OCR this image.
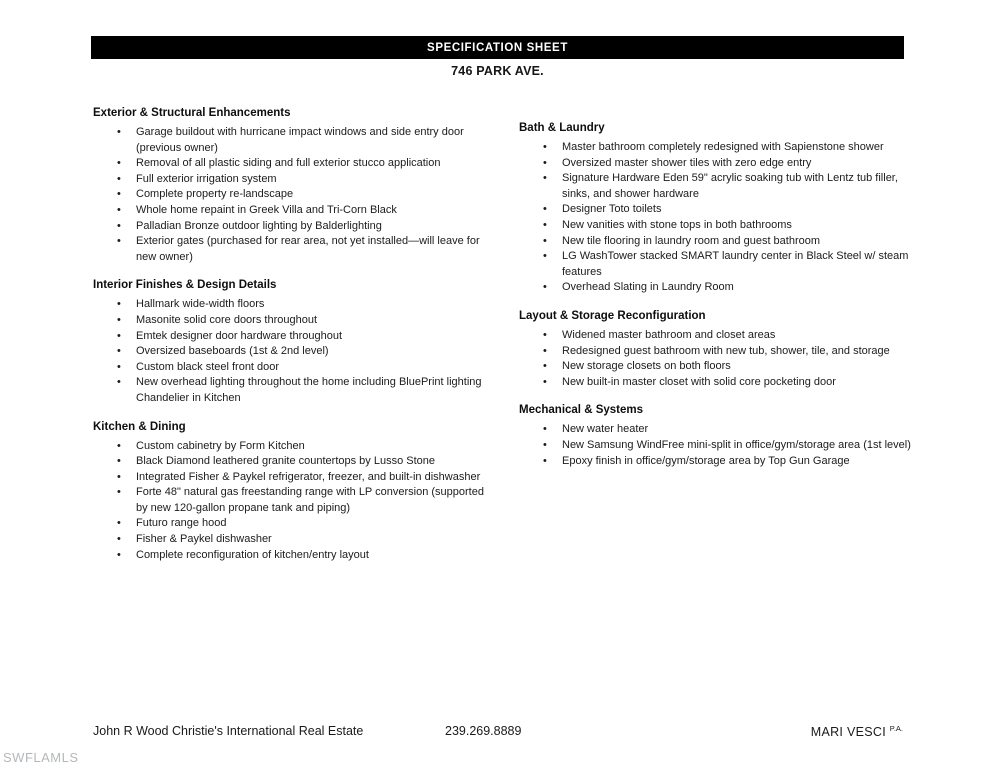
SPECIFICATION SHEET
746 PARK AVE.
Exterior & Structural Enhancements
• Garage buildout with hurricane impact windows and side entry door (previous owner)
• Removal of all plastic siding and full exterior stucco application
• Full exterior irrigation system
• Complete property re-landscape
• Whole home repaint in Greek Villa and Tri-Corn Black
• Palladian Bronze outdoor lighting by Balderlighting
• Exterior gates (purchased for rear area, not yet installed—will leave for new owner)
Interior Finishes & Design Details
• Hallmark wide-width floors
• Masonite solid core doors throughout
• Emtek designer door hardware throughout
• Oversized baseboards (1st & 2nd level)
• Custom black steel front door
• New overhead lighting throughout the home including BluePrint lighting Chandelier in Kitchen
Kitchen & Dining
• Custom cabinetry by Form Kitchen
• Black Diamond leathered granite countertops by Lusso Stone
• Integrated Fisher & Paykel refrigerator, freezer, and built-in dishwasher
• Forte 48" natural gas freestanding range with LP conversion (supported by new 120-gallon propane tank and piping)
• Futuro range hood
• Fisher & Paykel dishwasher
• Complete reconfiguration of kitchen/entry layout
Bath & Laundry
• Master bathroom completely redesigned with Sapienstone shower
• Oversized master shower tiles with zero edge entry
• Signature Hardware Eden 59" acrylic soaking tub with Lentz tub filler, sinks, and shower hardware
• Designer Toto toilets
• New vanities with stone tops in both bathrooms
• New tile flooring in laundry room and guest bathroom
• LG WashTower stacked SMART laundry center in Black Steel w/ steam features
• Overhead Slating in Laundry Room
Layout & Storage Reconfiguration
• Widened master bathroom and closet areas
• Redesigned guest bathroom with new tub, shower, tile, and storage
• New storage closets on both floors
• New built-in master closet with solid core pocketing door
Mechanical & Systems
• New water heater
• New Samsung WindFree mini-split in office/gym/storage area (1st level)
• Epoxy finish in office/gym/storage area by Top Gun Garage
John R Wood Christie's International Real Estate	239.269.8889	MARI VESCI $^{P.A.}$
SWFLAMLS
